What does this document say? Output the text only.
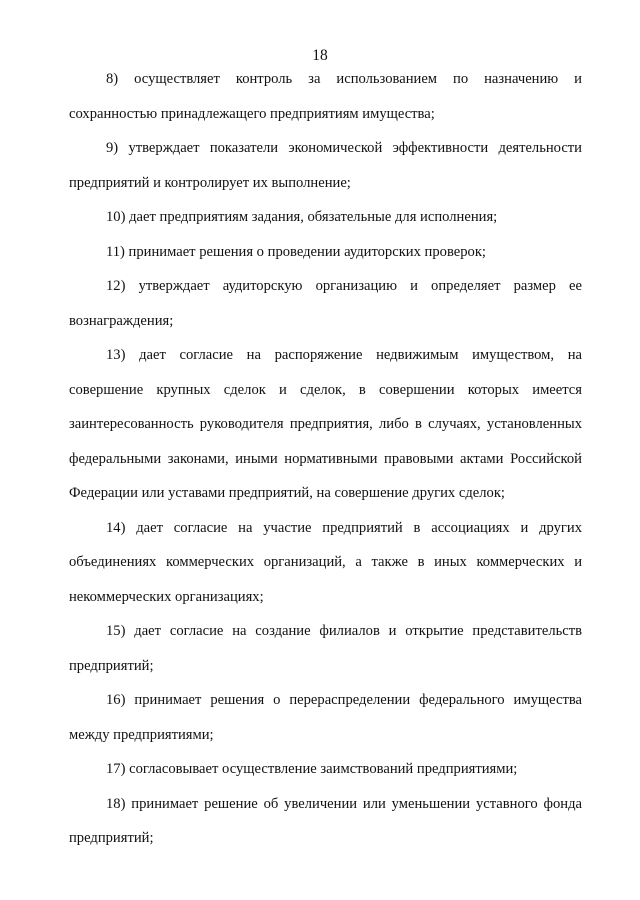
18

8) осуществляет контроль за использованием по назначению и сохранностью принадлежащего предприятиям имущества;

9) утверждает показатели экономической эффективности деятельности предприятий и контролирует их выполнение;

10) дает предприятиям задания, обязательные для исполнения;

11) принимает решения о проведении аудиторских проверок;

12) утверждает аудиторскую организацию и определяет размер ее вознаграждения;

13) дает согласие на распоряжение недвижимым имуществом, на совершение крупных сделок и сделок, в совершении которых имеется заинтересованность руководителя предприятия, либо в случаях, установленных федеральными законами, иными нормативными правовыми актами Российской Федерации или уставами предприятий, на совершение других сделок;

14) дает согласие на участие предприятий в ассоциациях и других объединениях коммерческих организаций, а также в иных коммерческих и некоммерческих организациях;

15) дает согласие на создание филиалов и открытие представительств предприятий;

16) принимает решения о перераспределении федерального имущества между предприятиями;

17) согласовывает осуществление заимствований предприятиями;

18) принимает решение об увеличении или уменьшении уставного фонда предприятий;
